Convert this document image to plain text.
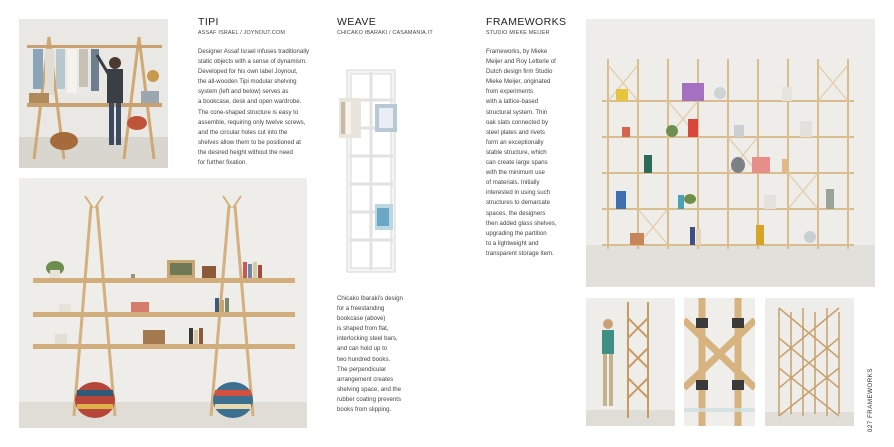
TIPI
ASSAF ISRAEL / JOYNOUT.COM
Designer Assaf Israel infuses traditionally
static objects with a sense of dynamism.
Developed for his own label Joynout,
the all-wooden Tipi modular shelving
system (left and below) serves as
a bookcase, desk and open wardrobe.
The cone-shaped structure is easy to
assemble, requiring only twelve screws,
and the circular holes cut into the
shelves allow them to be positioned at
the desired height without the need
for further fixation.
WEAVE
CHICAKO IBARAKI / CASAMANIA.IT
Chicako Ibaraki's design
for a freestanding
bookcase (above)
is shaped from flat,
interlocking steel bars,
and can hold up to
two hundred books.
The perpendicular
arrangement creates
shelving space, and the
rubber coating prevents
books from slipping.
FRAMEWORKS
STUDIO MIEKE MEIJER
Frameworks, by Mieke
Meijer and Roy Letterle of
Dutch design firm Studio
Mieke Meijer, originated
from experiments
with a lattice-based
structural system. Thin
oak slats connected by
steel plates and rivets
form an exceptionally
stable structure, which
can create large spans
with the minimum use
of materials. Initially
interested in using such
structures to demarcate
spaces, the designers
then added glass shelves,
upgrading the partition
to a lightweight and
transparent storage item.
027 FRAMEWORKS
